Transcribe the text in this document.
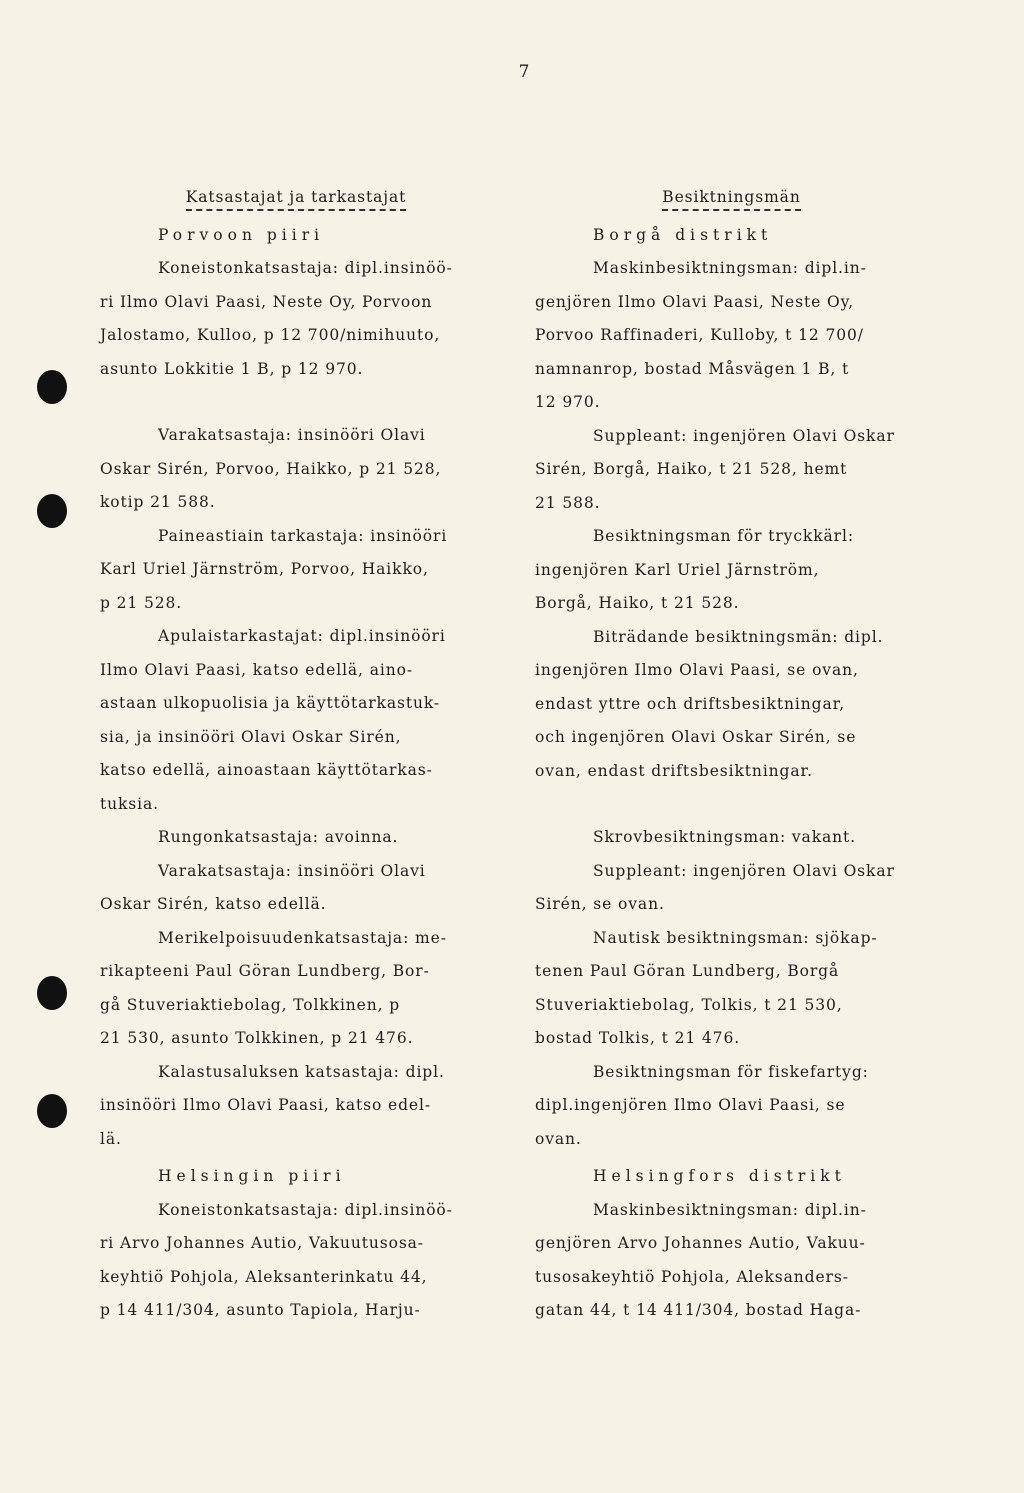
7
Katsastajat ja tarkastajat
Porvoon piiri

Koneistonkatsastaja: dipl.insinöö-
ri Ilmo Olavi Paasi, Neste Oy, Porvoon
Jalostamo, Kulloo, p 12 700/nimihuuto,
asunto Lokkitie 1 B, p 12 970.

Varakatsastaja: insinööri Olavi
Oskar Sirén, Porvoo, Haikko, p 21 528,
kotip 21 588.

Paineastiain tarkastaja: insinööri
Karl Uriel Järnström, Porvoo, Haikko,
p 21 528.

Apulaistarkastajat: dipl.insinööri
Ilmo Olavi Paasi, katso edellä, aino-
astaan ulkopuolisia ja käyttötarkastuk-
sia, ja insinööri Olavi Oskar Sirén,
katso edellä, ainoastaan käyttötarkas-
tuksia.

Rungonkatsastaja: avoinna.

Varakatsastaja: insinööri Olavi
Oskar Sirén, katso edellä.

Merikelpoisuudenkatsastaja: me-
rikapteeni Paul Göran Lundberg, Bor-
gå Stuveriaktiebolag, Tolkkinen, p
21 530, asunto Tolkkinen, p 21 476.

Kalastusaluksen katsastaja: dipl.
insinööri Ilmo Olavi Paasi, katso edel-
lä.

Helsingin piiri

Koneistonkatsastaja: dipl.insinöö-
ri Arvo Johannes Autio, Vakuutusosa-
keyhtiö Pohjola, Aleksanterinkatu 44,
p 14 411/304, asunto Tapiola, Harju-

Besiktningsmän
Borgå distrikt

Maskinbesiktningsman: dipl.in-
genjören Ilmo Olavi Paasi, Neste Oy,
Porvoo Raffinaderi, Kulloby, t 12 700/
namnanrop, bostad Måsvägen 1 B, t
12 970.

Suppleant: ingenjören Olavi Oskar
Sirén, Borgå, Haiko, t 21 528, hemt
21 588.

Besiktningsman för tryckkärl:
ingenjören Karl Uriel Järnström,
Borgå, Haiko, t 21 528.

Biträdande besiktningsmän: dipl.
ingenjören Ilmo Olavi Paasi, se ovan,
endast yttre och driftsbesiktningar,
och ingenjören Olavi Oskar Sirén, se
ovan, endast driftsbesiktningar.

Skrovbesiktningsman: vakant.

Suppleant: ingenjören Olavi Oskar
Sirén, se ovan.

Nautisk besiktningsman: sjökap-
tenen Paul Göran Lundberg, Borgå
Stuveriaktiebolag, Tolkis, t 21 530,
bostad Tolkis, t 21 476.

Besiktningsman för fiskefartyg:
dipl.ingenjören Ilmo Olavi Paasi, se
ovan.

Helsingfors distrikt

Maskinbesiktningsman: dipl.in-
genjören Arvo Johannes Autio, Vakuu-
tusosakeyhtiö Pohjola, Aleksanders-
gatan 44, t 14 411/304, bostad Haga-
